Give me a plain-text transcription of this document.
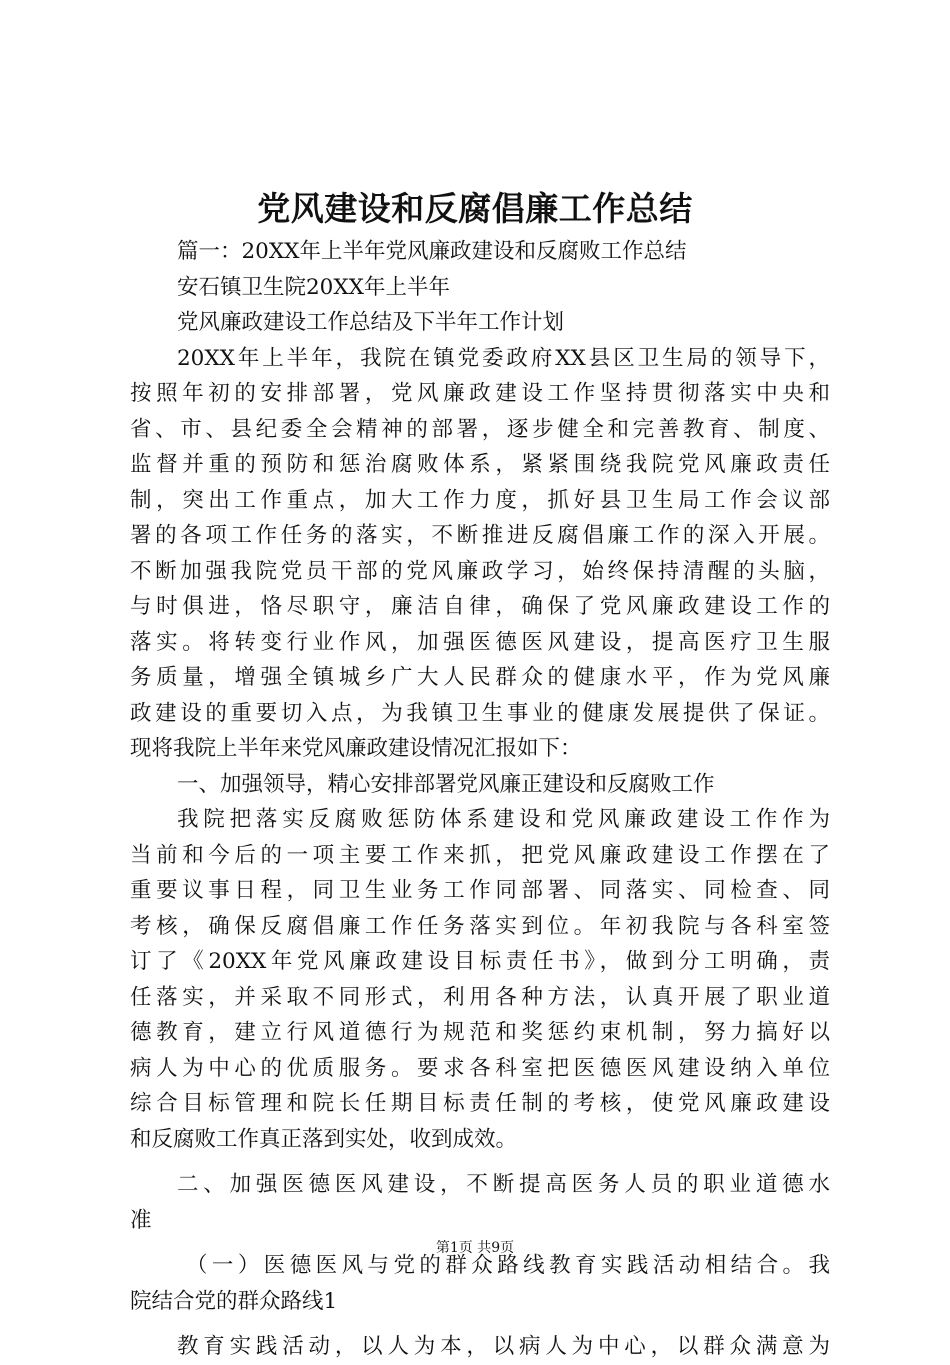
党风建设和反腐倡廉工作总结
篇一：20XX年上半年党风廉政建设和反腐败工作总结
安石镇卫生院20XX年上半年
党风廉政建设工作总结及下半年工作计划
20XX年上半年，我院在镇党委政府XX县区卫生局的领导下，
按照年初的安排部署，党风廉政建设工作坚持贯彻落实中央和
省、市、县纪委全会精神的部署，逐步健全和完善教育、制度、
监督并重的预防和惩治腐败体系，紧紧围绕我院党风廉政责任
制，突出工作重点，加大工作力度，抓好县卫生局工作会议部
署的各项工作任务的落实，不断推进反腐倡廉工作的深入开展。
不断加强我院党员干部的党风廉政学习，始终保持清醒的头脑，
与时俱进，恪尽职守，廉洁自律，确保了党风廉政建设工作的
落实。将转变行业作风，加强医德医风建设，提高医疗卫生服
务质量，增强全镇城乡广大人民群众的健康水平，作为党风廉
政建设的重要切入点，为我镇卫生事业的健康发展提供了保证。
现将我院上半年来党风廉政建设情况汇报如下：
一、加强领导，精心安排部署党风廉正建设和反腐败工作
我院把落实反腐败惩防体系建设和党风廉政建设工作作为
当前和今后的一项主要工作来抓，把党风廉政建设工作摆在了
重要议事日程，同卫生业务工作同部署、同落实、同检查、同
考核，确保反腐倡廉工作任务落实到位。年初我院与各科室签
订了《20XX年党风廉政建设目标责任书》，做到分工明确，责
任落实，并采取不同形式，利用各种方法，认真开展了职业道
德教育，建立行风道德行为规范和奖惩约束机制，努力搞好以
病人为中心的优质服务。要求各科室把医德医风建设纳入单位
综合目标管理和院长任期目标责任制的考核，使党风廉政建设
和反腐败工作真正落到实处，收到成效。
二、加强医德医风建设，不断提高医务人员的职业道德水
准
（一）医德医风与党的群众路线教育实践活动相结合。我
院结合党的群众路线1
教育实践活动，以人为本，以病人为中心，以群众满意为
第1页 共9页
